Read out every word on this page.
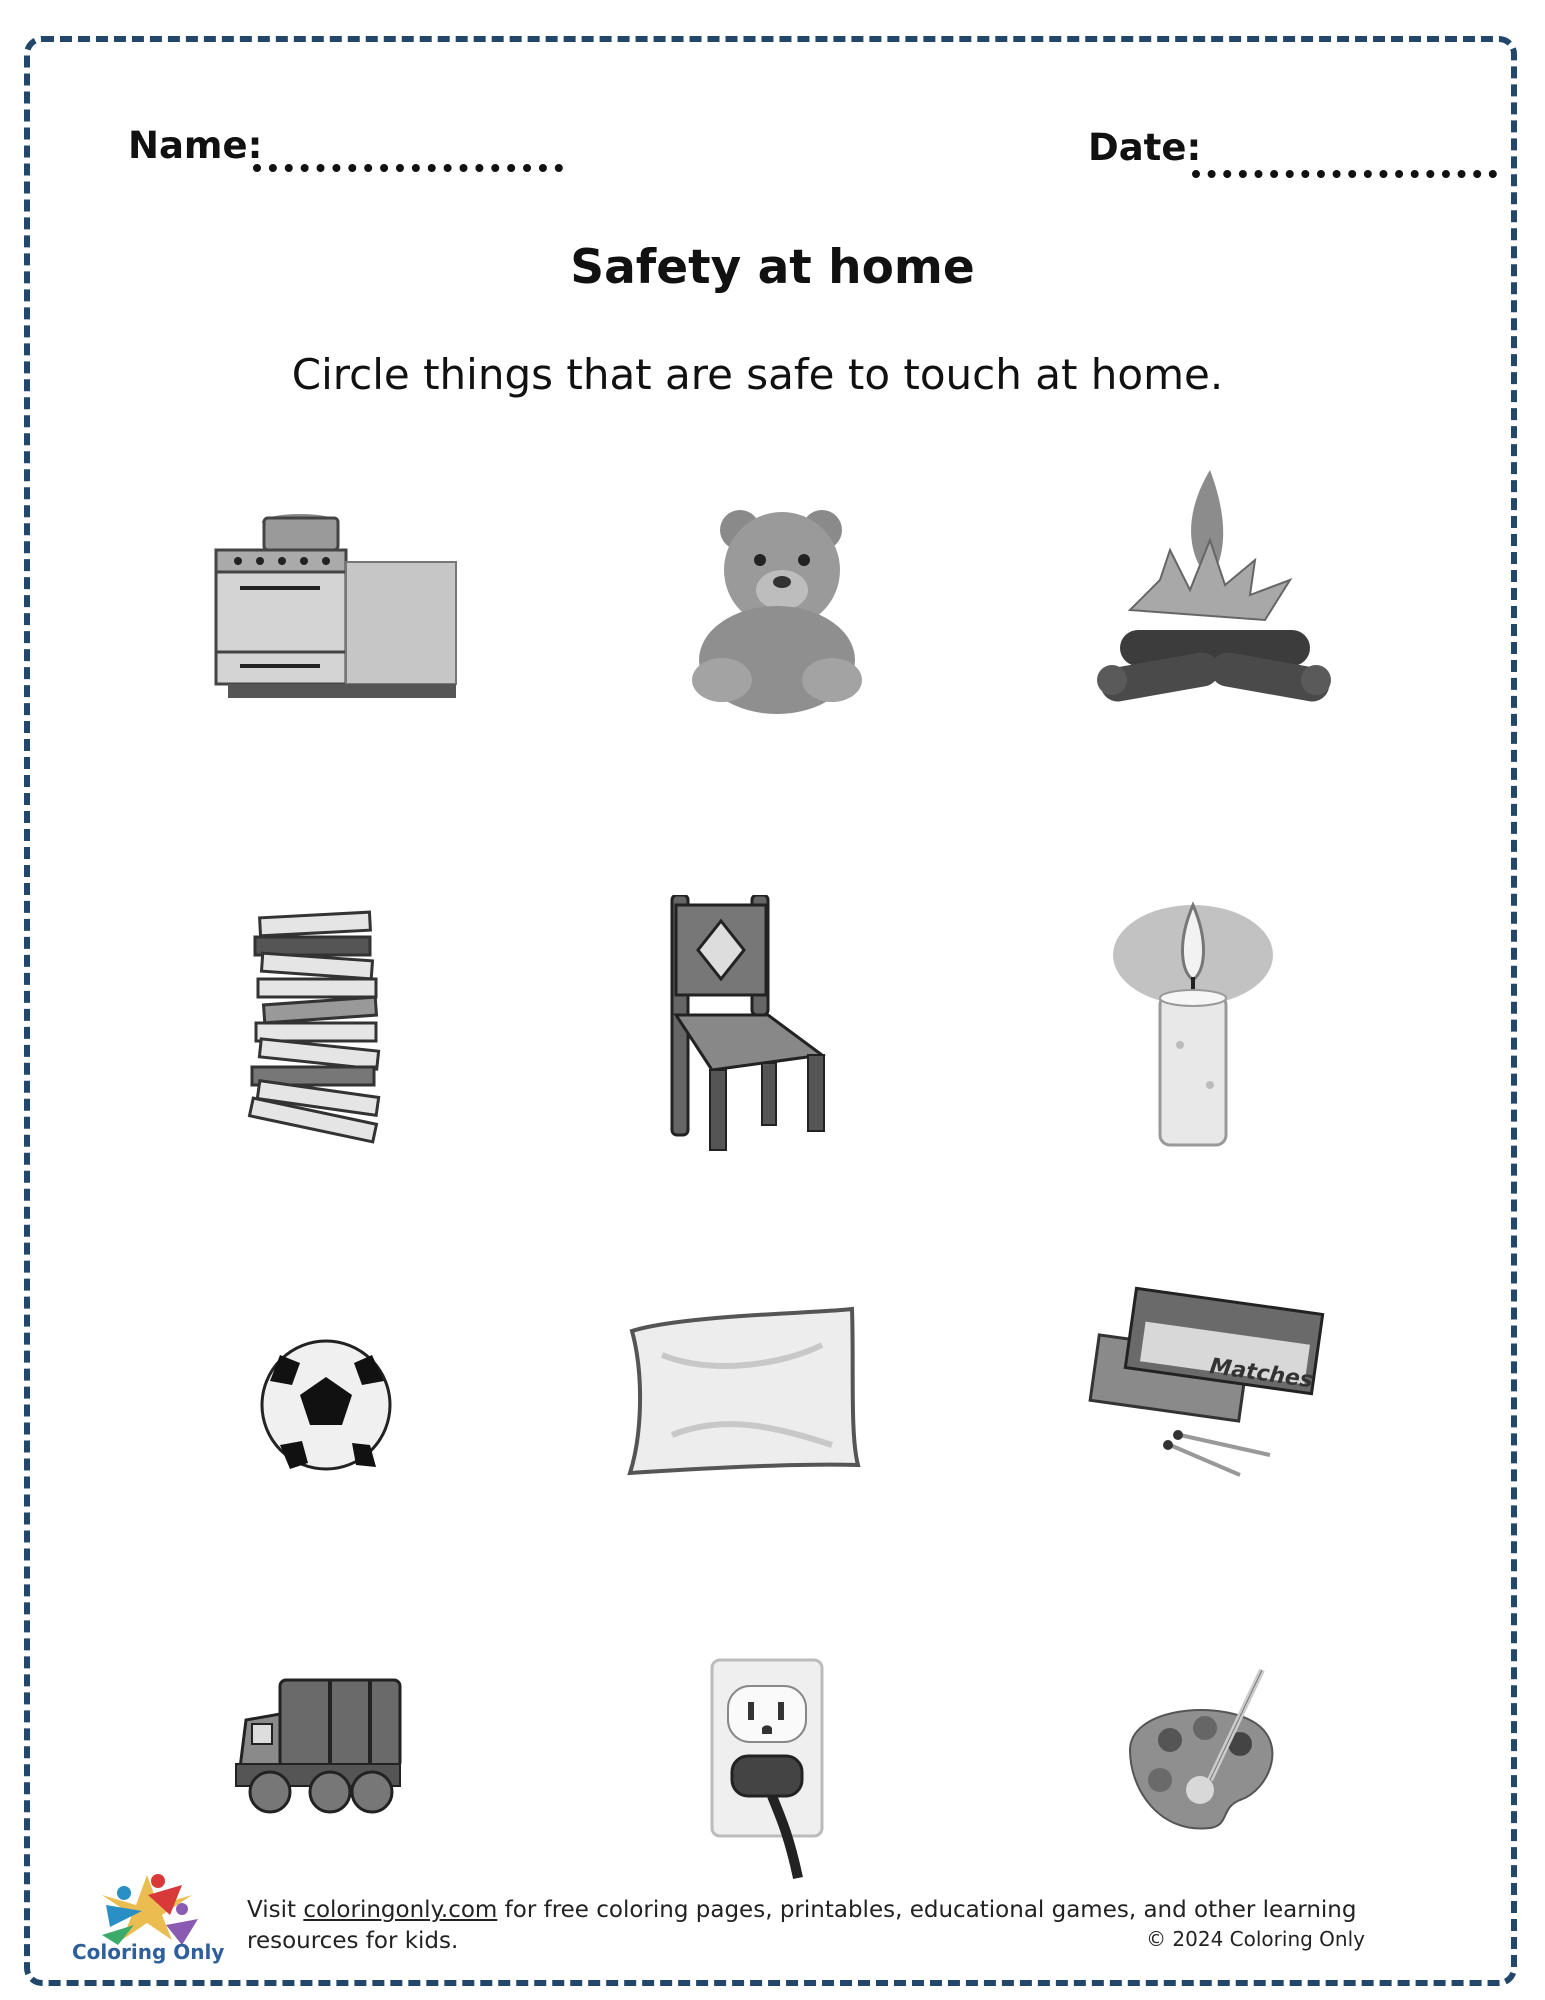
Name:	Date:
Safety at home
Circle things that are safe to touch at home.
Matches
Coloring Only
Visit coloringonly.com for free coloring pages, printables, educational games, and other learning resources for kids.	© 2024 Coloring Only
